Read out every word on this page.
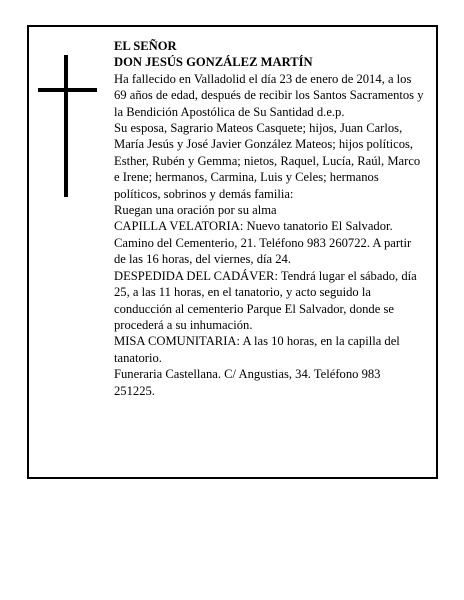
EL SEÑOR

DON JESÚS GONZÁLEZ MARTÍN

Ha fallecido en Valladolid el día 23 de enero de 2014, a los 69 años de edad, después de recibir los Santos Sacramentos y la Bendición Apostólica de Su Santidad d.e.p.

Su esposa, Sagrario Mateos Casquete; hijos, Juan Carlos, María Jesús y José Javier González Mateos; hijos políticos, Esther, Rubén y Gemma; nietos, Raquel, Lucía, Raúl, Marco e Irene; hermanos, Carmina, Luis y Celes; hermanos políticos, sobrinos y demás familia:

Ruegan una oración por su alma

CAPILLA VELATORIA: Nuevo tanatorio El Salvador. Camino del Cementerio, 21. Teléfono 983 260722. A partir de las 16 horas, del viernes, día 24.

DESPEDIDA DEL CADÁVER: Tendrá lugar el sábado, día 25, a las 11 horas, en el tanatorio, y acto seguido la conducción al cementerio Parque El Salvador, donde se procederá a su inhumación.

MISA COMUNITARIA: A las 10 horas, en la capilla del tanatorio.

Funeraria Castellana. C/ Angustias, 34. Teléfono 983 251225.
